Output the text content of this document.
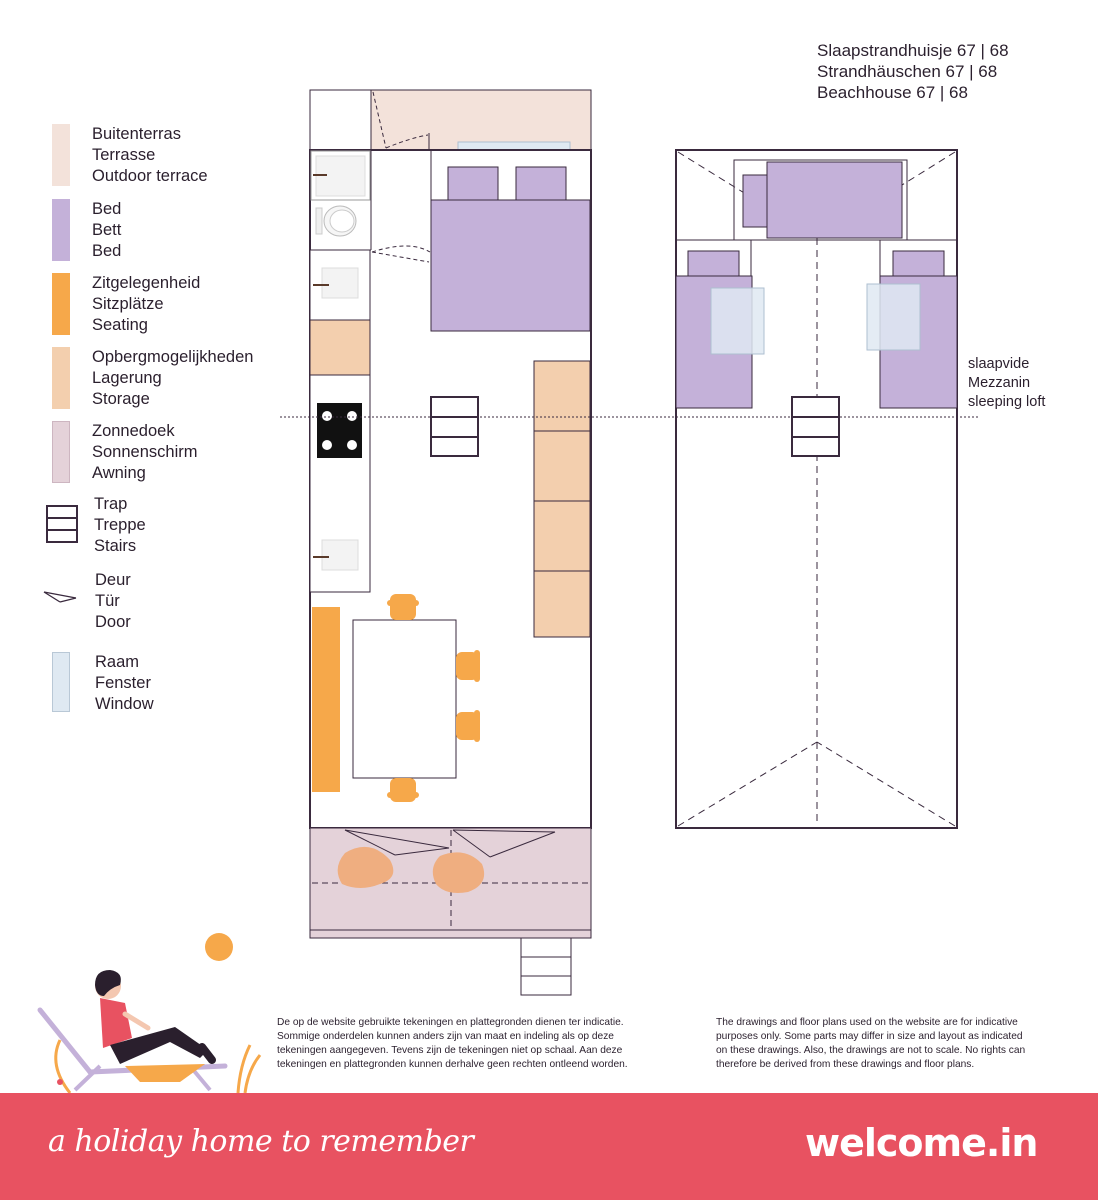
Slaapstrandhuisje 67 | 68
Strandhäuschen 67 | 68
Beachhouse 67 | 68
Buitenterras
Terrasse
Outdoor terrace
Bed
Bett
Bed
Zitgelegenheid
Sitzplätze
Seating
Opbergmogelijkheden
Lagerung
Storage
Zonnedoek
Sonnenschirm
Awning
Trap
Treppe
Stairs
Deur
Tür
Door
Raam
Fenster
Window
slaapvide
Mezzanin
sleeping loft
De op de website gebruikte tekeningen en plattegronden dienen ter indicatie.
Sommige onderdelen kunnen anders zijn van maat en indeling als op deze
tekeningen aangegeven. Tevens zijn de tekeningen niet op schaal. Aan deze
tekeningen en plattegronden kunnen derhalve geen rechten ontleend worden.
The drawings and floor plans used on the website are for indicative
purposes only. Some parts may differ in size and layout as indicated
on these drawings. Also, the drawings are not to scale. No rights can
therefore be derived from these drawings and floor plans.
a holiday home to remember	welcome.in
